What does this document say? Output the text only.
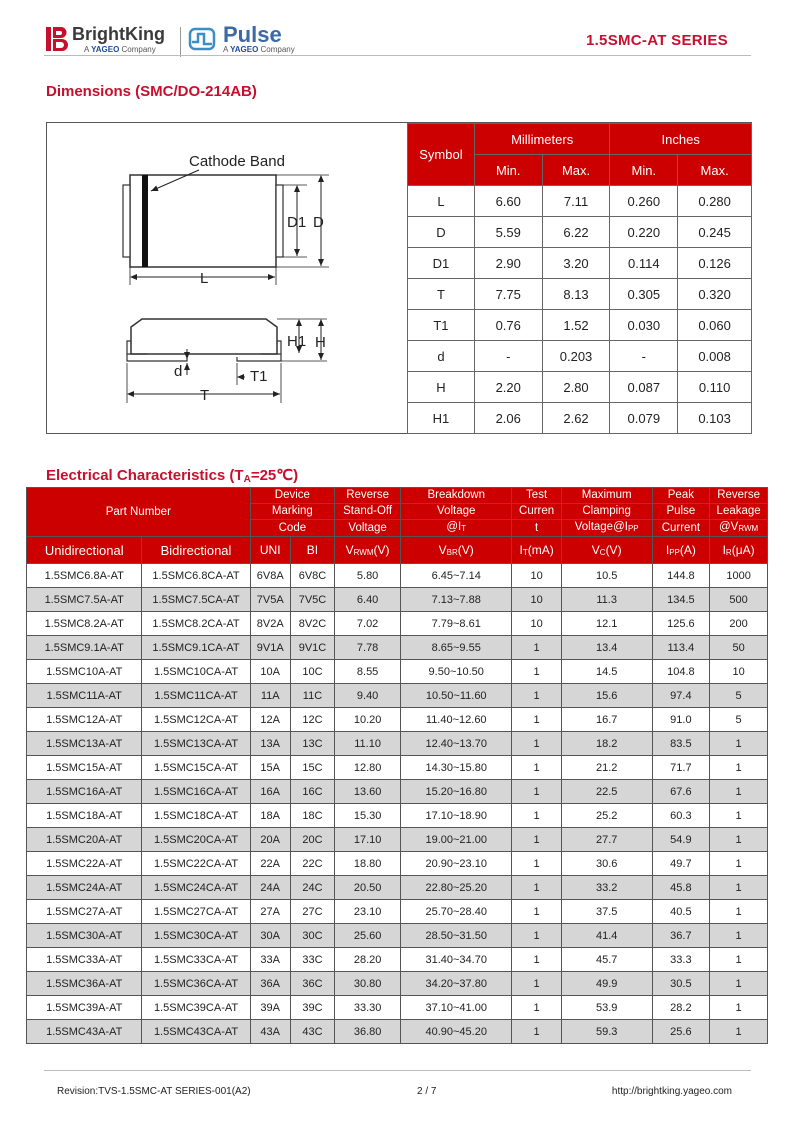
BrightKing
A YAGEO Company
Pulse
A YAGEO Company
1.5SMC-AT SERIES
Dimensions (SMC/DO-214AB)
Cathode Band
D1 D
L
H1 H
d	T1
T
Symbol	Millimeters		Inches	
	Min.	Max.	Min.	Max.
L	6.60	7.11	0.260	0.280
D	5.59	6.22	0.220	0.245
D1	2.90	3.20	0.114	0.126
T	7.75	8.13	0.305	0.320
T1	0.76	1.52	0.030	0.060
d	-	0.203	-	0.008
H	2.20	2.80	0.087	0.110
H1	2.06	2.62	0.079	0.103
Electrical Characteristics $(T_A=25℃)$
Part Number		Device		Reverse	Breakdown	Test	Maximum	Peak	Reverse
		Marking		Stand-Off	Voltage	Curren	Clamping	Pulse	Leakage
		Code		Voltage	$@I_T$	t	$Voltage@I_{PP}$	Current	$@V_{RWM}$
Unidirectional	Bidirectional	UNI	BI	$V_{RWM}(V)$	$V_{BR}(V)$	$I_T(mA)$	$V_C(V)$	$I_{PP}(A)$	$I_R(\mu A)$
1.5SMC6.8A-AT	1.5SMC6.8CA-AT	6V8A	6V8C	5.80	6.45~7.14	10	10.5	144.8	1000
1.5SMC7.5A-AT	1.5SMC7.5CA-AT	7V5A	7V5C	6.40	7.13~7.88	10	11.3	134.5	500
1.5SMC8.2A-AT	1.5SMC8.2CA-AT	8V2A	8V2C	7.02	7.79~8.61	10	12.1	125.6	200
1.5SMC9.1A-AT	1.5SMC9.1CA-AT	9V1A	9V1C	7.78	8.65~9.55	1	13.4	113.4	50
1.5SMC10A-AT	1.5SMC10CA-AT	10A	10C	8.55	9.50~10.50	1	14.5	104.8	10
1.5SMC11A-AT	1.5SMC11CA-AT	11A	11C	9.40	10.50~11.60	1	15.6	97.4	5
1.5SMC12A-AT	1.5SMC12CA-AT	12A	12C	10.20	11.40~12.60	1	16.7	91.0	5
1.5SMC13A-AT	1.5SMC13CA-AT	13A	13C	11.10	12.40~13.70	1	18.2	83.5	1
1.5SMC15A-AT	1.5SMC15CA-AT	15A	15C	12.80	14.30~15.80	1	21.2	71.7	1
1.5SMC16A-AT	1.5SMC16CA-AT	16A	16C	13.60	15.20~16.80	1	22.5	67.6	1
1.5SMC18A-AT	1.5SMC18CA-AT	18A	18C	15.30	17.10~18.90	1	25.2	60.3	1
1.5SMC20A-AT	1.5SMC20CA-AT	20A	20C	17.10	19.00~21.00	1	27.7	54.9	1
1.5SMC22A-AT	1.5SMC22CA-AT	22A	22C	18.80	20.90~23.10	1	30.6	49.7	1
1.5SMC24A-AT	1.5SMC24CA-AT	24A	24C	20.50	22.80~25.20	1	33.2	45.8	1
1.5SMC27A-AT	1.5SMC27CA-AT	27A	27C	23.10	25.70~28.40	1	37.5	40.5	1
1.5SMC30A-AT	1.5SMC30CA-AT	30A	30C	25.60	28.50~31.50	1	41.4	36.7	1
1.5SMC33A-AT	1.5SMC33CA-AT	33A	33C	28.20	31.40~34.70	1	45.7	33.3	1
1.5SMC36A-AT	1.5SMC36CA-AT	36A	36C	30.80	34.20~37.80	1	49.9	30.5	1
1.5SMC39A-AT	1.5SMC39CA-AT	39A	39C	33.30	37.10~41.00	1	53.9	28.2	1
1.5SMC43A-AT	1.5SMC43CA-AT	43A	43C	36.80	40.90~45.20	1	59.3	25.6	1
Revision:TVS-1.5SMC-AT SERIES-001(A2)	2 / 7	http://brightking.yageo.com
